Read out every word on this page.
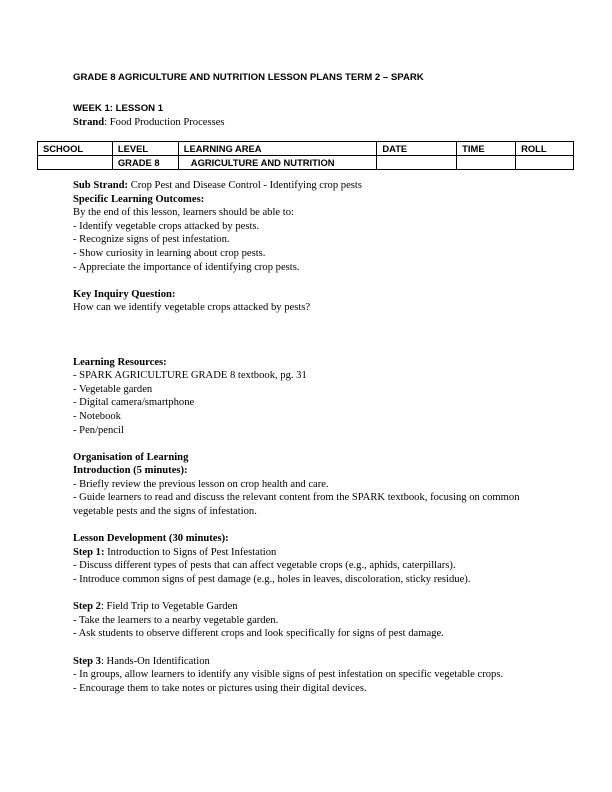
GRADE 8 AGRICULTURE AND NUTRITION LESSON PLANS TERM 2 – SPARK
WEEK 1: LESSON 1
Strand: Food Production Processes
SCHOOL	LEVEL	LEARNING AREA	DATE	TIME	ROLL
	GRADE 8	AGRICULTURE AND NUTRITION			

Sub Strand: Crop Pest and Disease Control - Identifying crop pests

Specific Learning Outcomes:

By the end of this lesson, learners should be able to:

- Identify vegetable crops attacked by pests.

- Recognize signs of pest infestation.

- Show curiosity in learning about crop pests.

- Appreciate the importance of identifying crop pests.

Key Inquiry Question:

How can we identify vegetable crops attacked by pests?

Learning Resources:

- SPARK AGRICULTURE GRADE 8 textbook, pg. 31

- Vegetable garden

- Digital camera/smartphone

- Notebook

- Pen/pencil

Organisation of Learning

Introduction (5 minutes):

- Briefly review the previous lesson on crop health and care.

- Guide learners to read and discuss the relevant content from the SPARK textbook, focusing on common vegetable pests and the signs of infestation.

Lesson Development (30 minutes):

Step 1: Introduction to Signs of Pest Infestation

- Discuss different types of pests that can affect vegetable crops (e.g., aphids, caterpillars).

- Introduce common signs of pest damage (e.g., holes in leaves, discoloration, sticky residue).

Step 2: Field Trip to Vegetable Garden

- Take the learners to a nearby vegetable garden.

- Ask students to observe different crops and look specifically for signs of pest damage.

Step 3: Hands-On Identification

- In groups, allow learners to identify any visible signs of pest infestation on specific vegetable crops.

- Encourage them to take notes or pictures using their digital devices.
